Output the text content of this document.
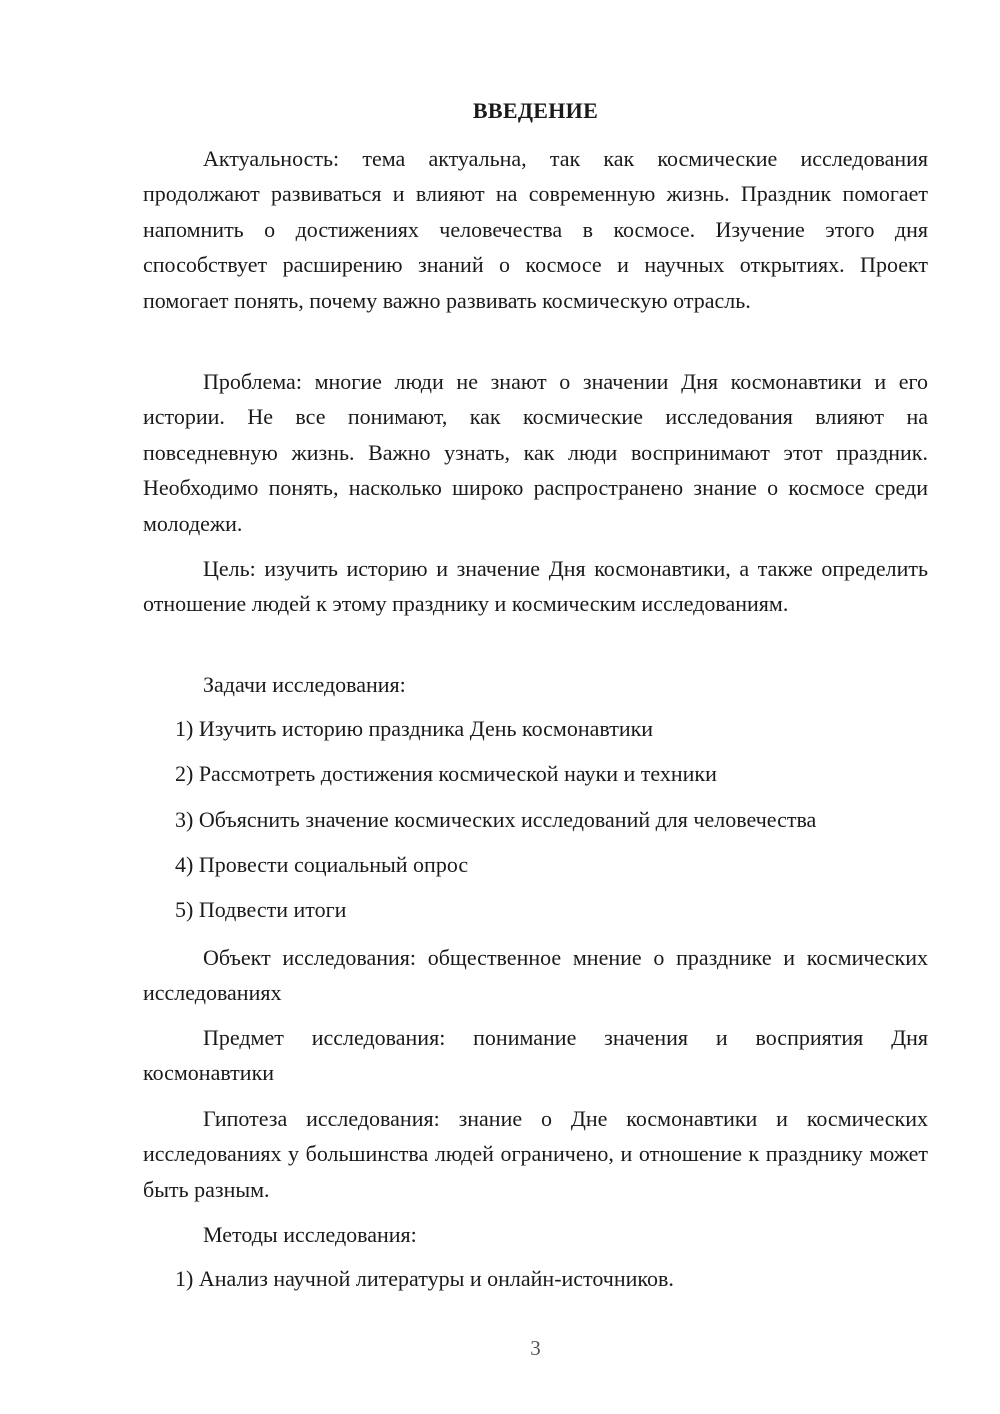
ВВЕДЕНИЕ

Актуальность: тема актуальна, так как космические исследования продолжают развиваться и влияют на современную жизнь. Праздник помогает напомнить о достижениях человечества в космосе. Изучение этого дня способствует расширению знаний о космосе и научных открытиях. Проект помогает понять, почему важно развивать космическую отрасль.

Проблема: многие люди не знают о значении Дня космонавтики и его истории. Не все понимают, как космические исследования влияют на повседневную жизнь. Важно узнать, как люди воспринимают этот праздник. Необходимо понять, насколько широко распространено знание о космосе среди молодежи.

Цель: изучить историю и значение Дня космонавтики, а также определить отношение людей к этому празднику и космическим исследованиям.

Задачи исследования:

1) Изучить историю праздника День космонавтики

2) Рассмотреть достижения космической науки и техники

3) Объяснить значение космических исследований для человечества

4) Провести социальный опрос

5) Подвести итоги

Объект исследования: общественное мнение о празднике и космических исследованиях

Предмет исследования: понимание значения и восприятия Дня космонавтики

Гипотеза исследования: знание о Дне космонавтики и космических исследованиях у большинства людей ограничено, и отношение к празднику может быть разным.

Методы исследования:

1) Анализ научной литературы и онлайн-источников.

3
